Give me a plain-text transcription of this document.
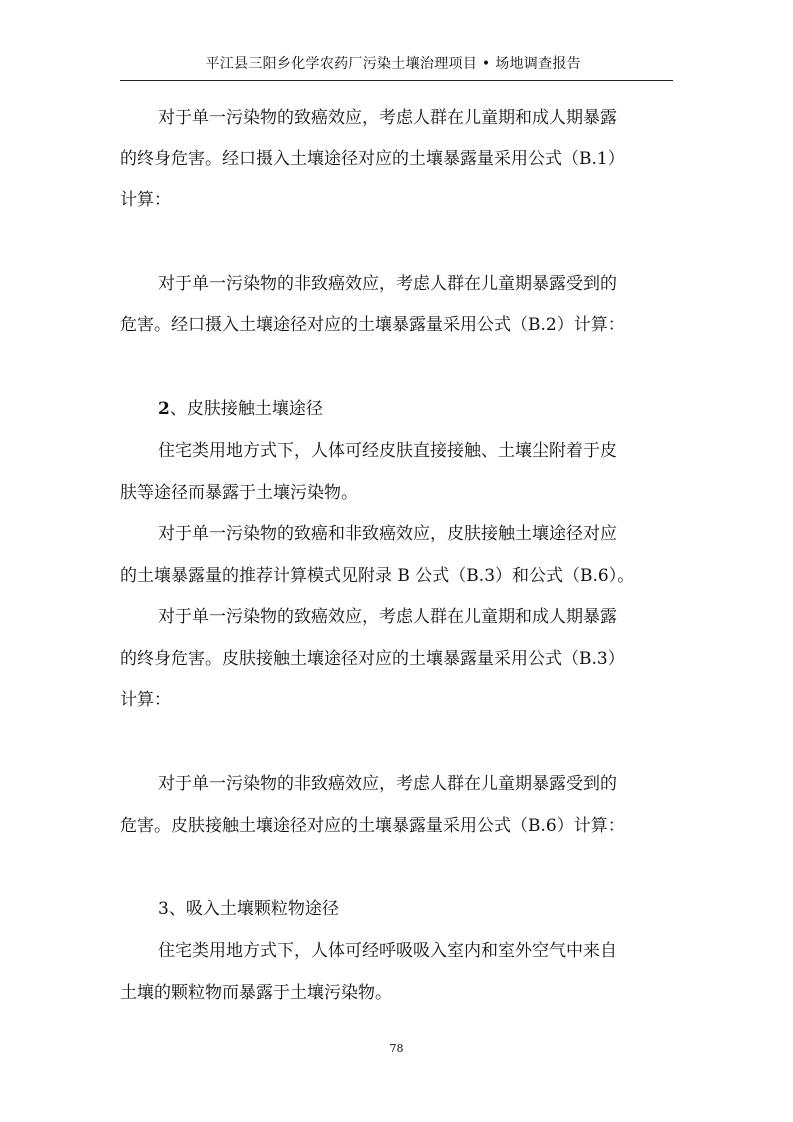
平江县三阳乡化学农药厂污染土壤治理项目 • 场地调查报告
对于单一污染物的致癌效应，考虑人群在儿童期和成人期暴露
的终身危害。经口摄入土壤途径对应的土壤暴露量采用公式（B.1）
计算：
对于单一污染物的非致癌效应，考虑人群在儿童期暴露受到的
危害。经口摄入土壤途径对应的土壤暴露量采用公式（B.2）计算：
2、皮肤接触土壤途径
住宅类用地方式下，人体可经皮肤直接接触、土壤尘附着于皮
肤等途径而暴露于土壤污染物。
对于单一污染物的致癌和非致癌效应，皮肤接触土壤途径对应
的土壤暴露量的推荐计算模式见附录 B 公式（B.3）和公式（B.6）。
对于单一污染物的致癌效应，考虑人群在儿童期和成人期暴露
的终身危害。皮肤接触土壤途径对应的土壤暴露量采用公式（B.3）
计算：
对于单一污染物的非致癌效应，考虑人群在儿童期暴露受到的
危害。皮肤接触土壤途径对应的土壤暴露量采用公式（B.6）计算：
3、吸入土壤颗粒物途径
住宅类用地方式下，人体可经呼吸吸入室内和室外空气中来自
土壤的颗粒物而暴露于土壤污染物。
78
